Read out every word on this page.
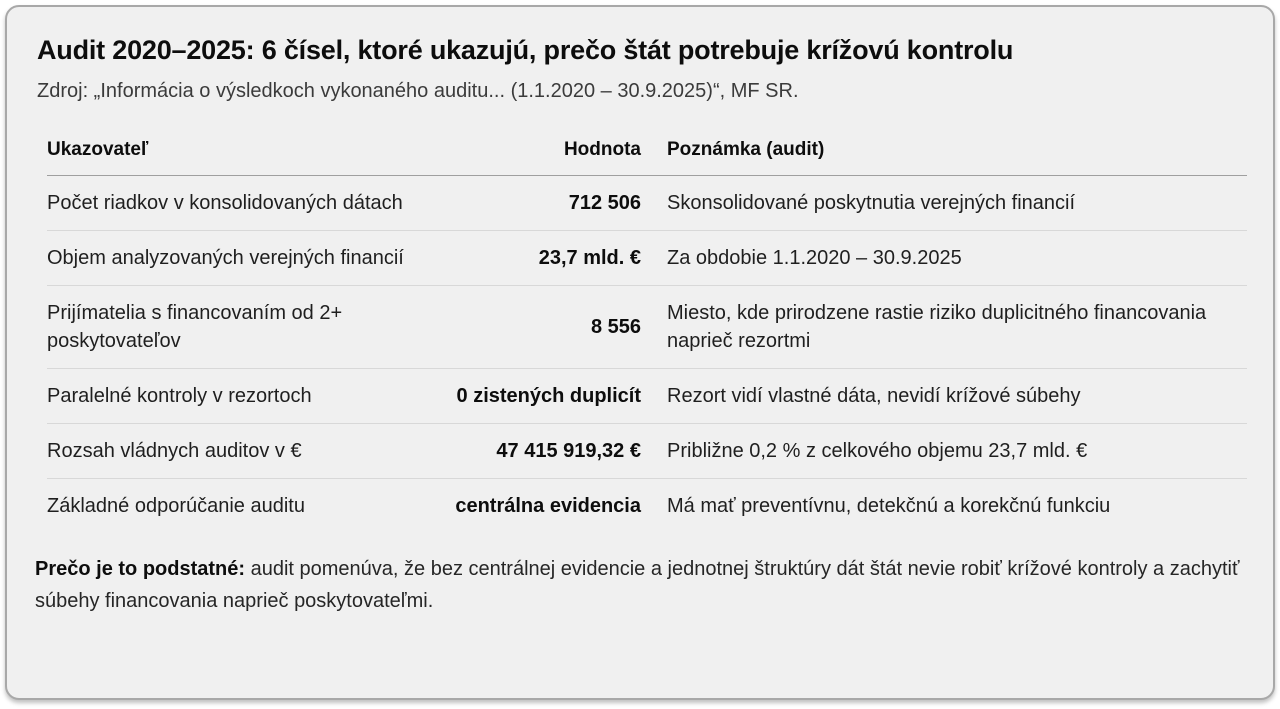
Audit 2020–2025: 6 čísel, ktoré ukazujú, prečo štát potrebuje krížovú kontrolu

Zdroj: „Informácia o výsledkoch vykonaného auditu... (1.1.2020 – 30.9.2025)“, MF SR.

Ukazovateľ	Hodnota	Poznámka (audit)
Počet riadkov v konsolidovaných dátach	712 506	Skonsolidované poskytnutia verejných financií
Objem analyzovaných verejných financií	23,7 mld. €	Za obdobie 1.1.2020 – 30.9.2025
Prijímatelia s financovaním od 2+ poskytovateľov	8 556	Miesto, kde prirodzene rastie riziko duplicitného financovania naprieč rezortmi
Paralelné kontroly v rezortoch	0 zistených duplicít	Rezort vidí vlastné dáta, nevidí krížové súbehy
Rozsah vládnych auditov v €	47 415 919,32 €	Približne 0,2 % z celkového objemu 23,7 mld. €
Základné odporúčanie auditu	centrálna evidencia	Má mať preventívnu, detekčnú a korekčnú funkciu

Prečo je to podstatné: audit pomenúva, že bez centrálnej evidencie a jednotnej štruktúry dát štát nevie robiť krížové kontroly a zachytiť súbehy financovania naprieč poskytovateľmi.
